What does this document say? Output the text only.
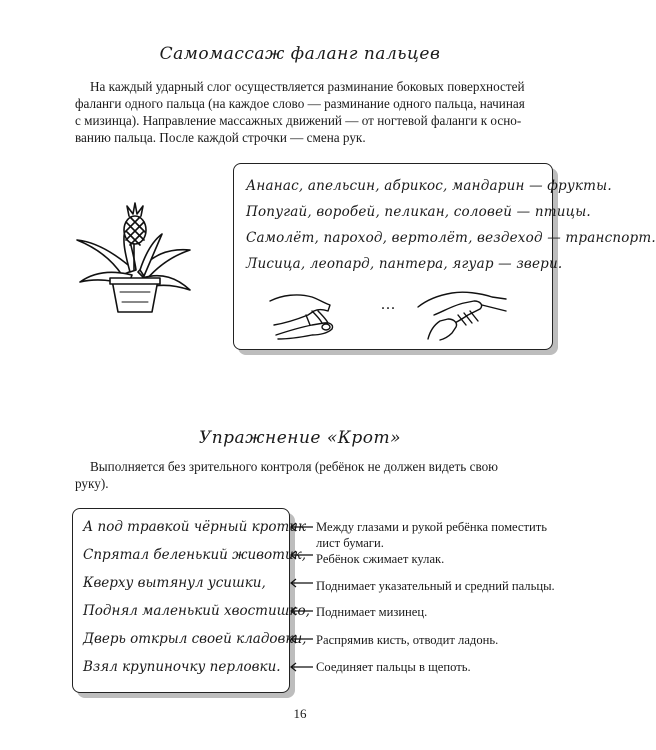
Самомассаж фаланг пальцев
На каждый ударный слог осуществляется разминание боковых поверхностей
фаланги одного пальца (на каждое слово — разминание одного пальца, начиная
с мизинца). Направление массажных движений — от ногтевой фаланги к осно-
ванию пальца. После каждой строчки — смена рук.
Ананас, апельсин, абрикос, мандарин — фрукты.
Попугай, воробей, пеликан, соловей — птицы.
Самолёт, пароход, вертолёт, вездеход — транспорт.
Лисица, леопард, пантера, ягуар — звери.
...
Упражнение «Крот»
Выполняется без зрительного контроля (ребёнок не должен видеть свою
руку).
А под травкой чёрный кротик
Спрятал беленький животик,
Кверху вытянул усишки,
Поднял маленький хвостишко,
Дверь открыл своей кладовки,
Взял крупиночку перловки.
Между глазами и рукой ребёнка поместить
лист бумаги.
Ребёнок сжимает кулак.
Поднимает указательный и средний пальцы.
Поднимает мизинец.
Распрямив кисть, отводит ладонь.
Соединяет пальцы в щепоть.
16
